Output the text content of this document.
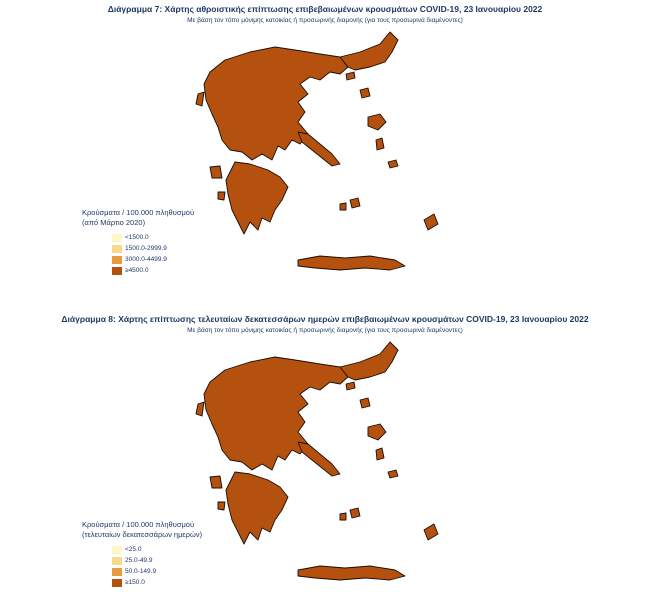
Διάγραμμα 7: Χάρτης αθροιστικής επίπτωσης επιβεβαιωμένων κρουσμάτων COVID-19, 23 Ιανουαρίου 2022
Με βάση τον τόπο μόνιμης κατοικίας ή προσωρινής διαμονής (για τους προσωρινά διαμένοντες)
Κρούσματα / 100.000 πληθυσμού
(από Μάρτιο 2020)
<1500.0
1500.0-2999.9
3000.0-4499.9
≥4500.0
Διάγραμμα 8: Χάρτης επίπτωσης τελευταίων δεκατεσσάρων ημερών επιβεβαιωμένων κρουσμάτων COVID-19, 23 Ιανουαρίου 2022
Με βάση τον τόπο μόνιμης κατοικίας ή προσωρινής διαμονής (για τους προσωρινά διαμένοντες)
Κρούσματα / 100.000 πληθυσμού
(τελευταίων δεκατεσσάρων ημερών)
<25.0
25.0-49.9
50.0-149.9
≥150.0
